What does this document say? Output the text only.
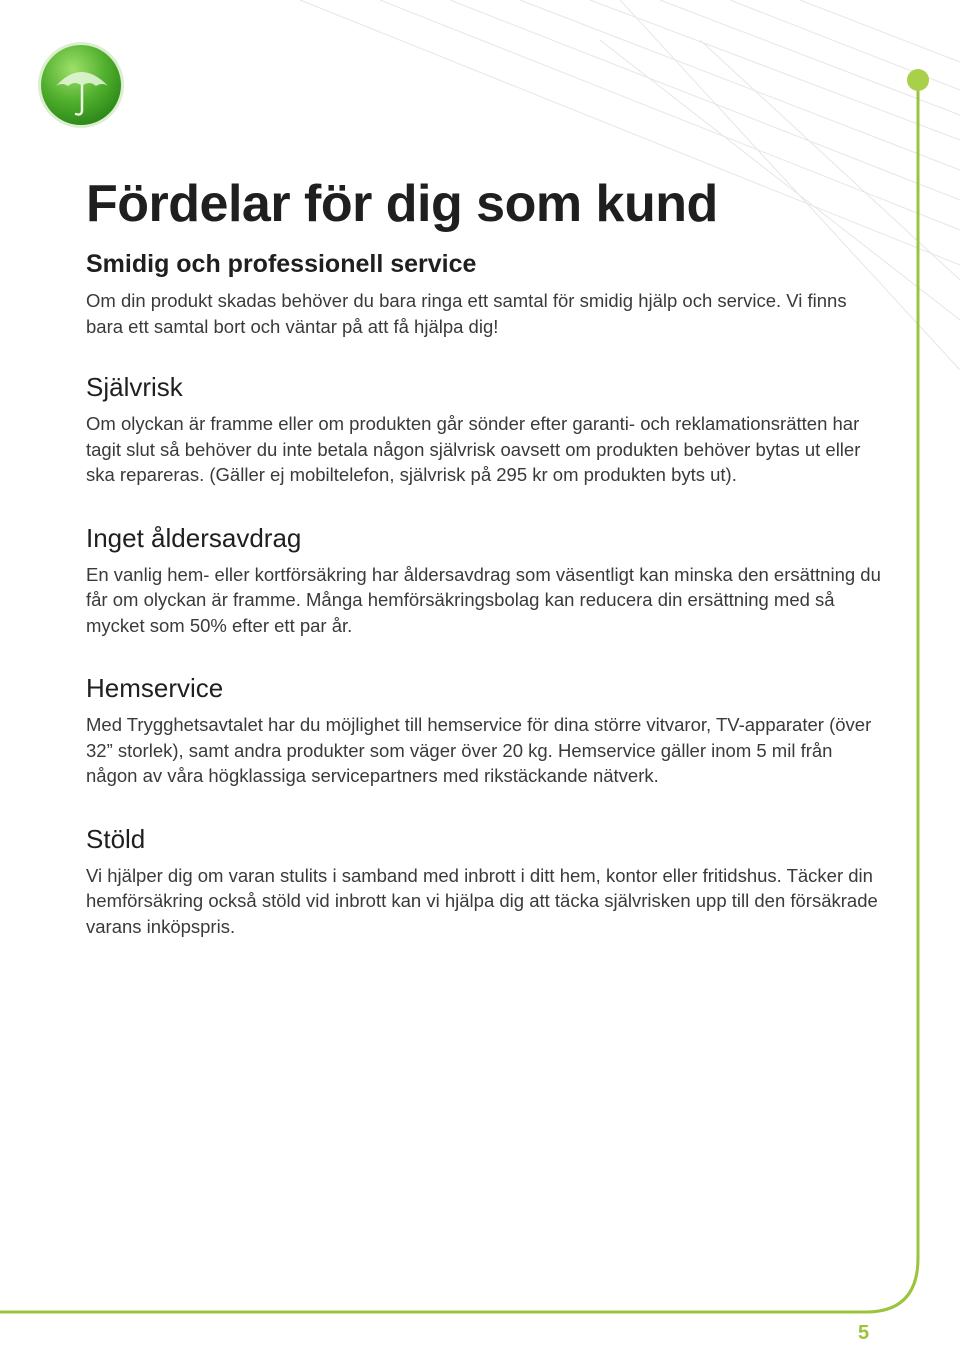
Fördelar för dig som kund
Smidig och professionell service

Om din produkt skadas behöver du bara ringa ett samtal för smidig hjälp och service. Vi finns bara ett samtal bort och väntar på att få hjälpa dig!

Självrisk

Om olyckan är framme eller om produkten går sönder efter garanti- och reklamationsrätten har tagit slut så behöver du inte betala någon självrisk oavsett om produkten behöver bytas ut eller ska repareras. (Gäller ej mobiltelefon, självrisk på 295 kr om produkten byts ut).

Inget åldersavdrag

En vanlig hem- eller kortförsäkring har åldersavdrag som väsentligt kan minska den ersättning du får om olyckan är framme. Många hemförsäkringsbolag kan reducera din ersättning med så mycket som 50% efter ett par år.

Hemservice

Med Trygghetsavtalet har du möjlighet till hemservice för dina större vitvaror, TV-apparater (över 32” storlek), samt andra produkter som väger över 20 kg. Hemservice gäller inom 5 mil från någon av våra högklassiga servicepartners med rikstäckande nätverk.

Stöld

Vi hjälper dig om varan stulits i samband med inbrott i ditt hem, kontor eller fritidshus. Täcker din hemförsäkring också stöld vid inbrott kan vi hjälpa dig att täcka självrisken upp till den försäkrade varans inköpspris.

5
